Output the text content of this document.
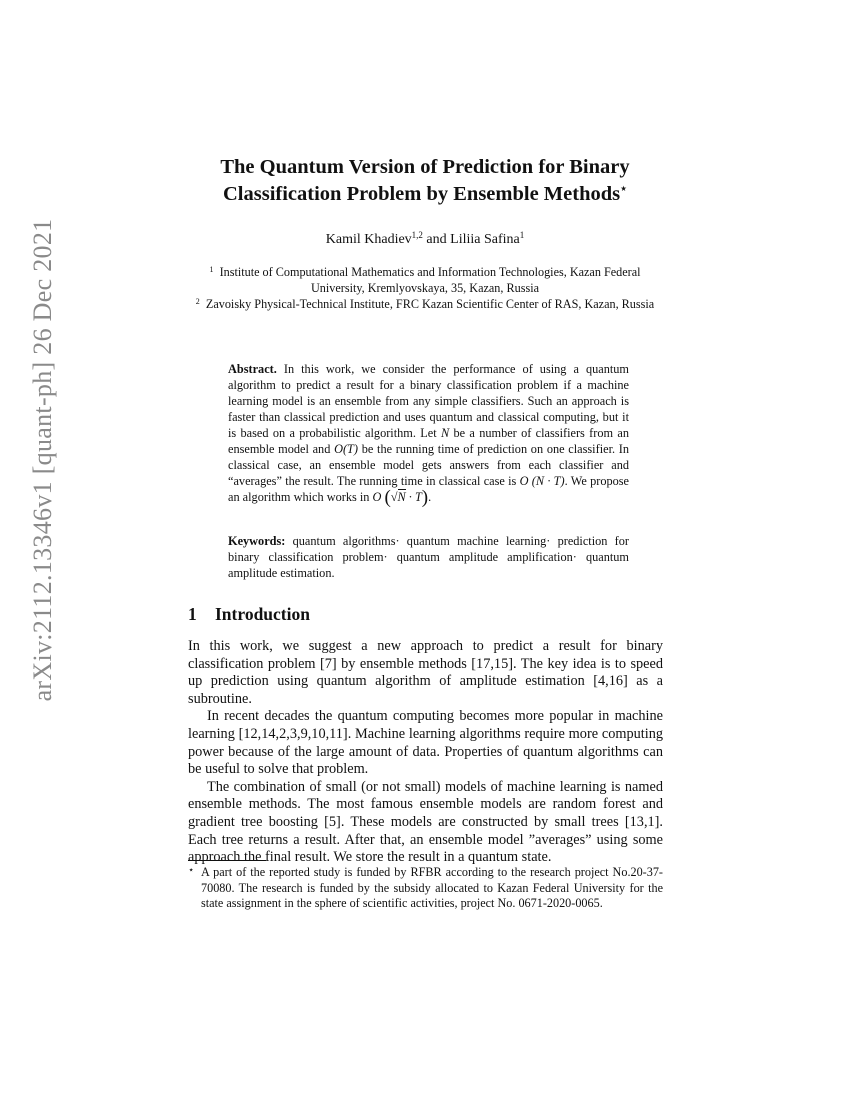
arXiv:2112.13346v1 [quant-ph] 26 Dec 2021
The Quantum Version of Prediction for Binary
Classification Problem by Ensemble Methods⋆
Kamil Khadiev$^{1,2}$ and Liliia Safina$^1$
$^1$ Institute of Computational Mathematics and Information Technologies, Kazan Federal University, Kremlyovskaya, 35, Kazan, Russia
$^2$ Zavoisky Physical-Technical Institute, FRC Kazan Scientific Center of RAS, Kazan, Russia
Abstract. In this work, we consider the performance of using a quantum algorithm to predict a result for a binary classification problem if a machine learning model is an ensemble from any simple classifiers. Such an approach is faster than classical prediction and uses quantum and classical computing, but it is based on a probabilistic algorithm. Let N be a number of classifiers from an ensemble model and O(T) be the running time of prediction on one classifier. In classical case, an ensemble model gets answers from each classifier and “averages” the result. The running time in classical case is O (N · T). We propose an algorithm which works in O (√N · T).
Keywords: quantum algorithms· quantum machine learning· prediction for binary classification problem· quantum amplitude amplification· quantum amplitude estimation.
1 Introduction

In this work, we suggest a new approach to predict a result for binary classification problem [7] by ensemble methods [17,15]. The key idea is to speed up prediction using quantum algorithm of amplitude estimation [4,16] as a subroutine.

In recent decades the quantum computing becomes more popular in machine learning [12,14,2,3,9,10,11]. Machine learning algorithms require more computing power because of the large amount of data. Properties of quantum algorithms can be useful to solve that problem.

The combination of small (or not small) models of machine learning is named ensemble methods. The most famous ensemble models are random forest and gradient tree boosting [5]. These models are constructed by small trees [13,1]. Each tree returns a result. After that, an ensemble model ”averages” using some approach the final result. We store the result in a quantum state.

⋆ A part of the reported study is funded by RFBR according to the research project No.20-37-70080. The research is funded by the subsidy allocated to Kazan Federal University for the state assignment in the sphere of scientific activities, project No. 0671-2020-0065.
